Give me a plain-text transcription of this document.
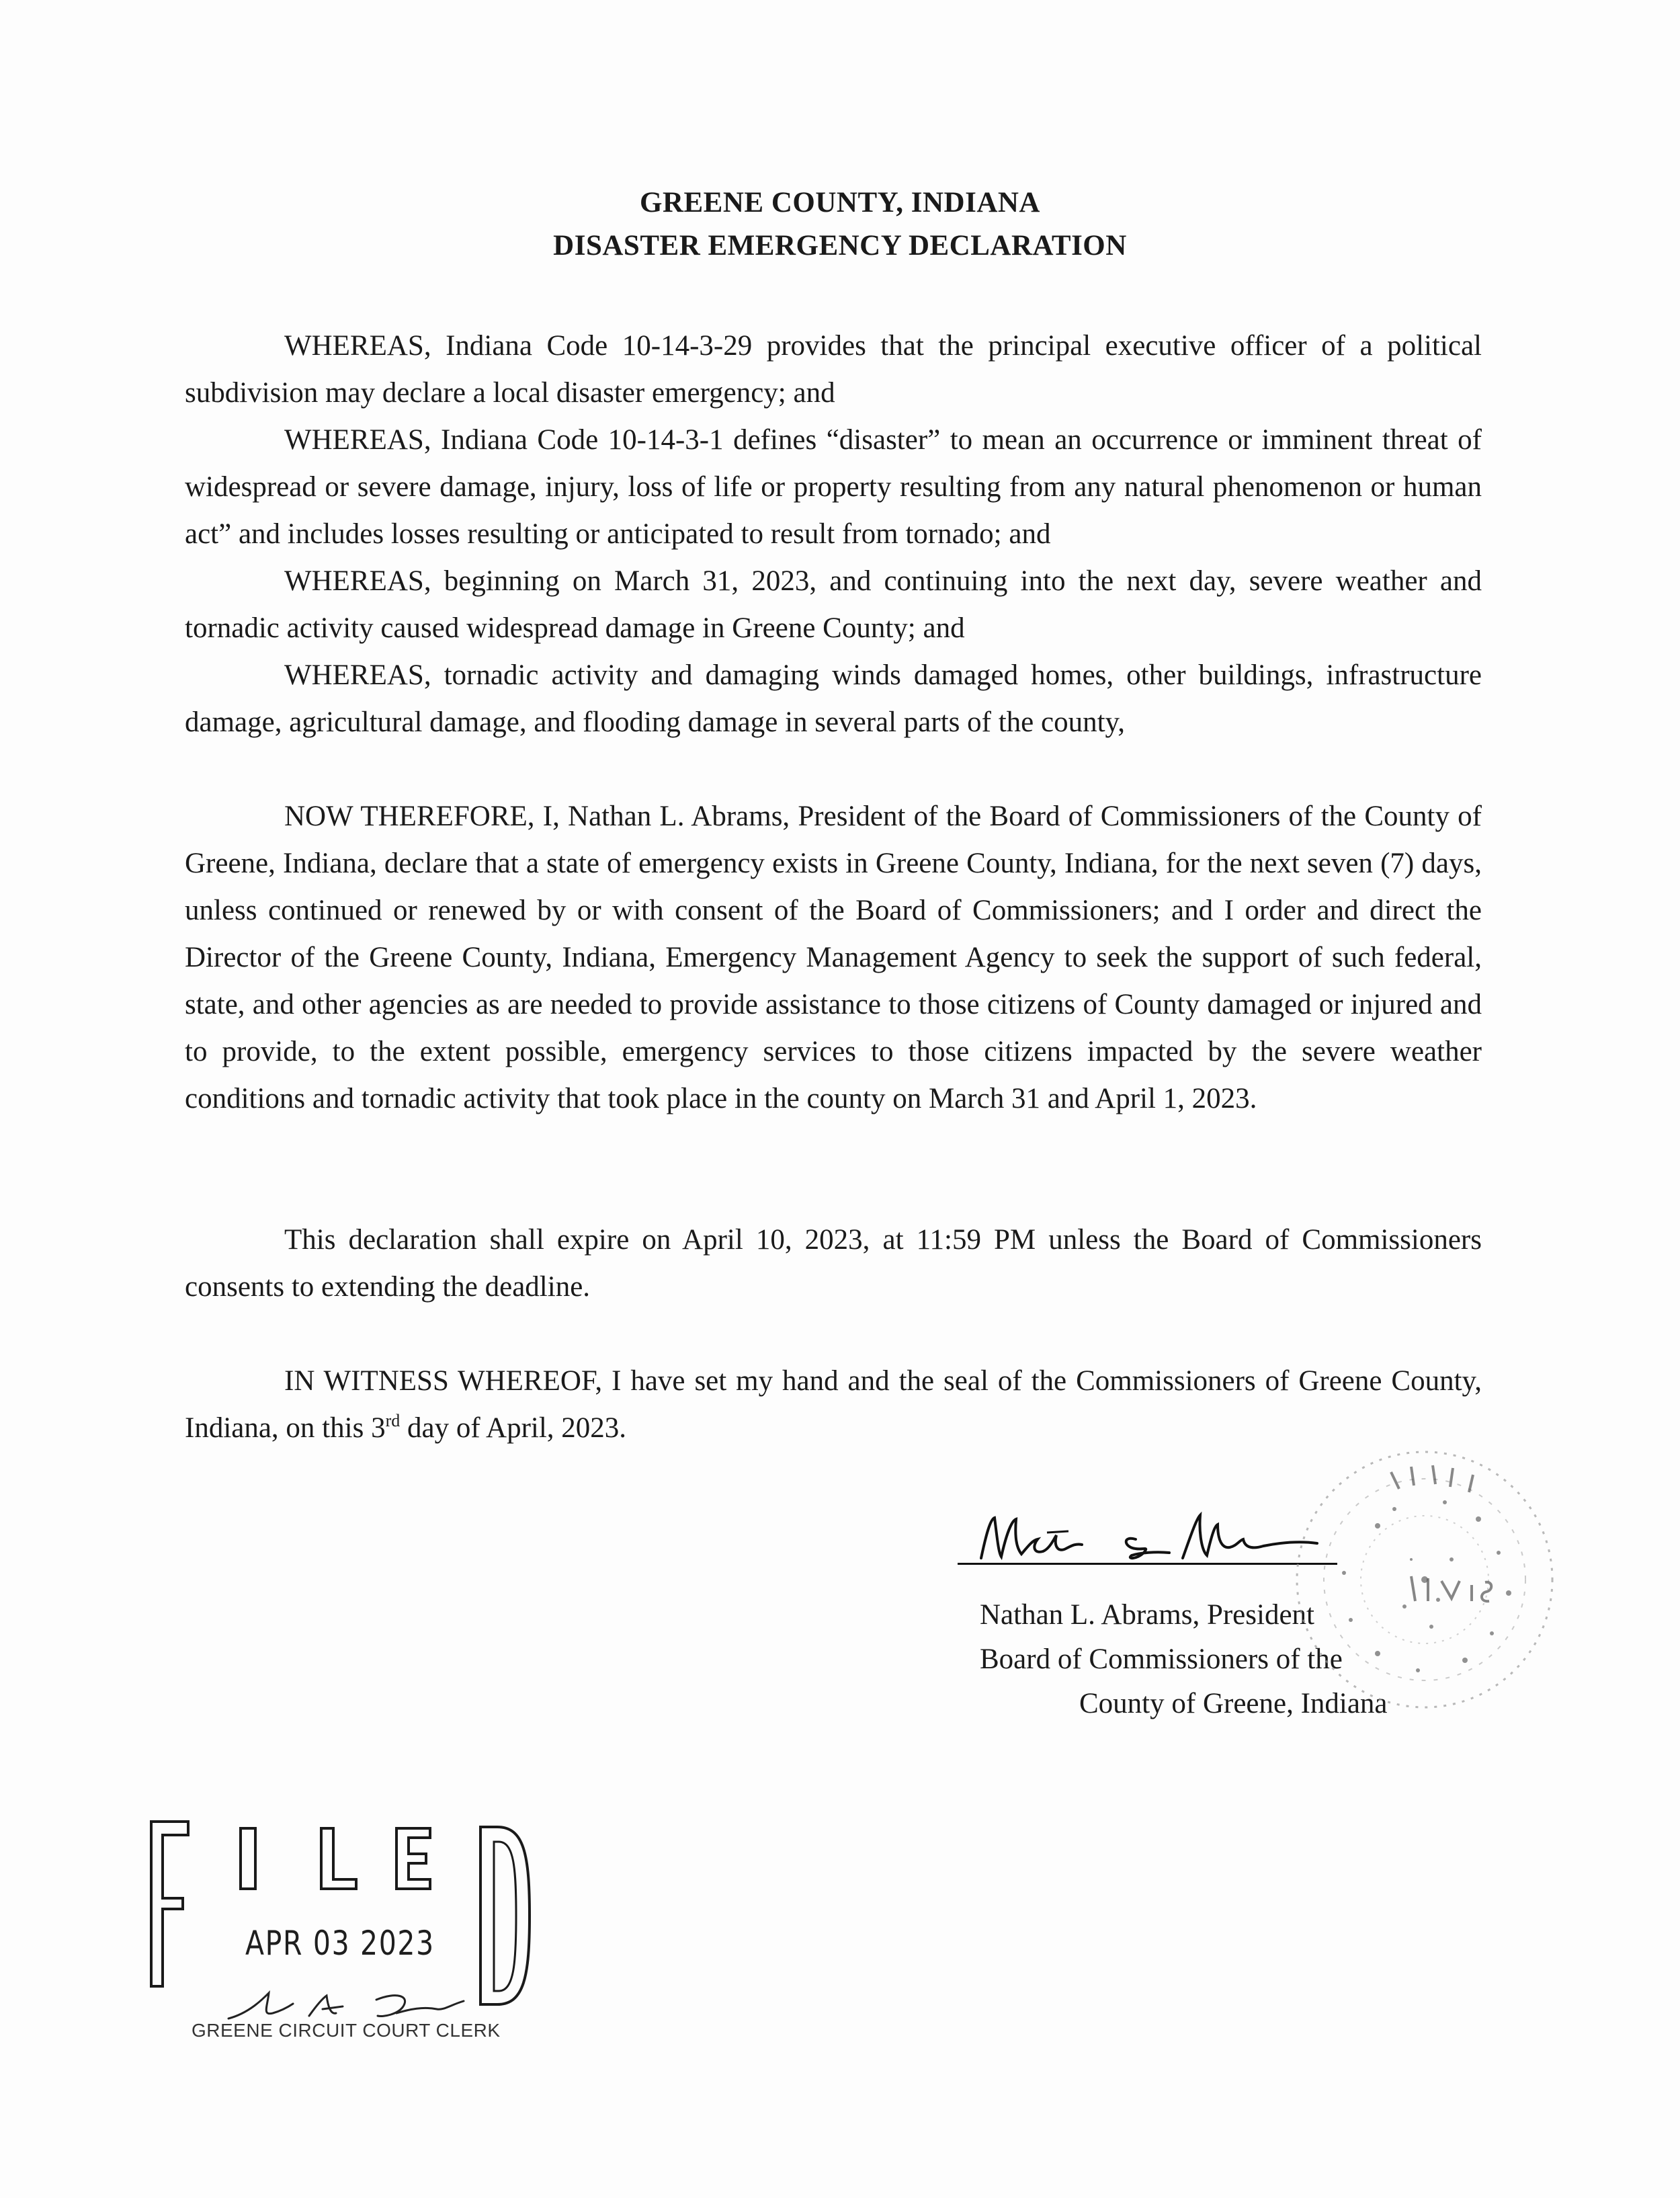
GREENE COUNTY, INDIANA
DISASTER EMERGENCY DECLARATION

WHEREAS, Indiana Code 10-14-3-29 provides that the principal executive officer of a political subdivision may declare a local disaster emergency; and

WHEREAS, Indiana Code 10-14-3-1 defines “disaster” to mean an occurrence or imminent threat of widespread or severe damage, injury, loss of life or property resulting from any natural phenomenon or human act” and includes losses resulting or anticipated to result from tornado; and

WHEREAS, beginning on March 31, 2023, and continuing into the next day, severe weather and tornadic activity caused widespread damage in Greene County; and

WHEREAS, tornadic activity and damaging winds damaged homes, other buildings, infrastructure damage, agricultural damage, and flooding damage in several parts of the county,

NOW THEREFORE, I, Nathan L. Abrams, President of the Board of Commissioners of the County of Greene, Indiana, declare that a state of emergency exists in Greene County, Indiana, for the next seven (7) days, unless continued or renewed by or with consent of the Board of Commissioners; and I order and direct the Director of the Greene County, Indiana, Emergency Management Agency to seek the support of such federal, state, and other agencies as are needed to provide assistance to those citizens of County damaged or injured and to provide, to the extent possible, emergency services to those citizens impacted by the severe weather conditions and tornadic activity that took place in the county on March 31 and April 1, 2023.

This declaration shall expire on April 10, 2023, at 11:59 PM unless the Board of Commissioners consents to extending the deadline.

IN WITNESS WHEREOF, I have set my hand and the seal of the Commissioners of Greene County, Indiana, on this 3rd day of April, 2023.

Nathan L. Abrams, President
Board of Commissioners of the
County of Greene, Indiana
APR 03 2023
GREENE CIRCUIT COURT CLERK
